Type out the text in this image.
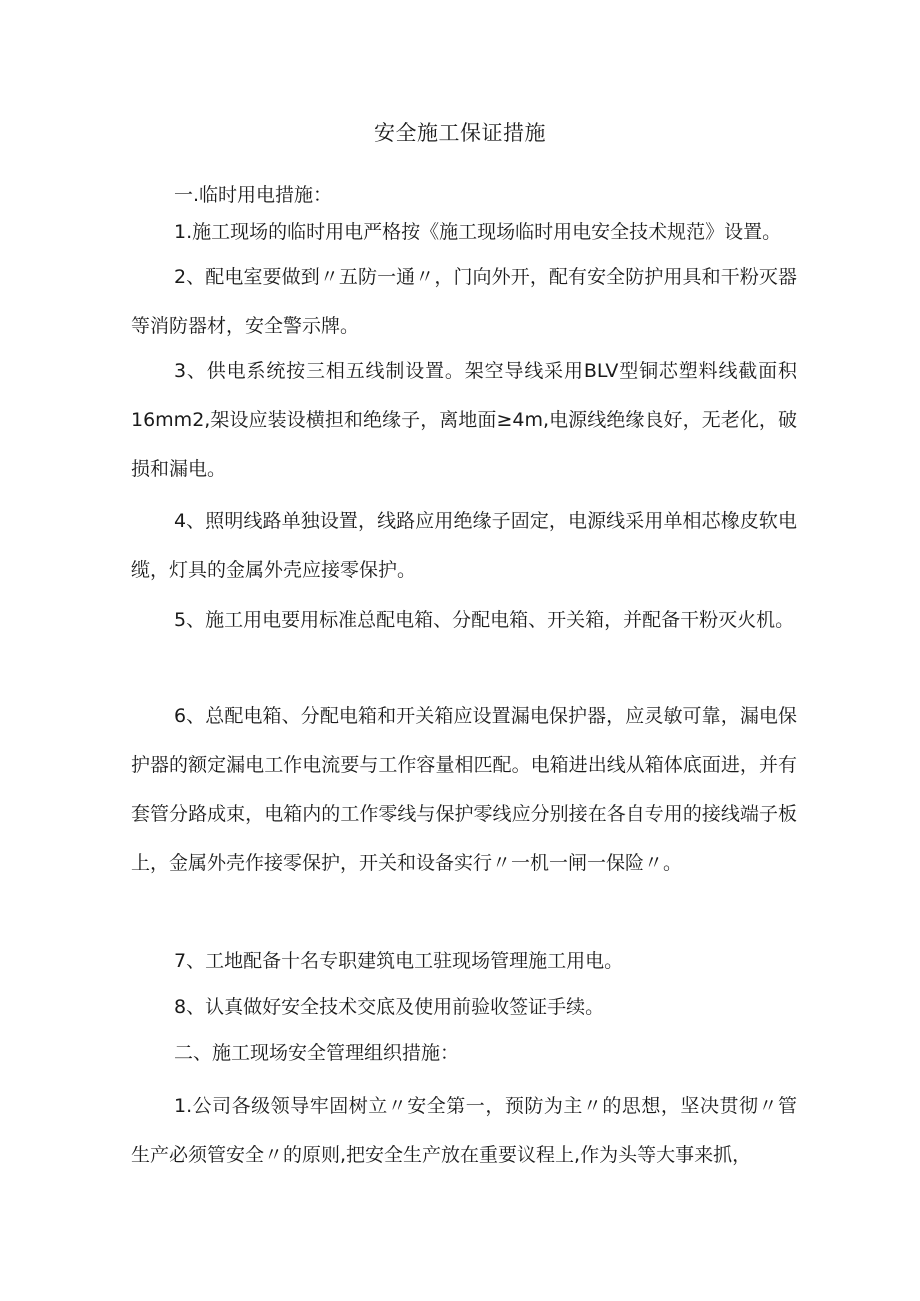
安全施工保证措施

一.临时用电措施：

1.施工现场的临时用电严格按《施工现场临时用电安全技术规范》设置。

2、配电室要做到〃五防一通〃，门向外开，配有安全防护用具和干粉灭器等消防器材，安全警示牌。

3、供电系统按三相五线制设置。架空导线采用BLV型铜芯塑料线截面积16mm2,架设应装设横担和绝缘子，离地面≥4m,电源线绝缘良好，无老化，破损和漏电。

4、照明线路单独设置，线路应用绝缘子固定，电源线采用单相芯橡皮软电缆，灯具的金属外壳应接零保护。

5、施工用电要用标准总配电箱、分配电箱、开关箱，并配备干粉灭火机。

6、总配电箱、分配电箱和开关箱应设置漏电保护器，应灵敏可靠，漏电保护器的额定漏电工作电流要与工作容量相匹配。电箱进出线从箱体底面进，并有套管分路成束，电箱内的工作零线与保护零线应分别接在各自专用的接线端子板上，金属外壳作接零保护，开关和设备实行〃一机一闸一保险〃。

7、工地配备十名专职建筑电工驻现场管理施工用电。

8、认真做好安全技术交底及使用前验收签证手续。

二、施工现场安全管理组织措施：

1.公司各级领导牢固树立〃安全第一，预防为主〃的思想，坚决贯彻〃管生产必须管安全〃的原则,把安全生产放在重要议程上,作为头等大事来抓，
